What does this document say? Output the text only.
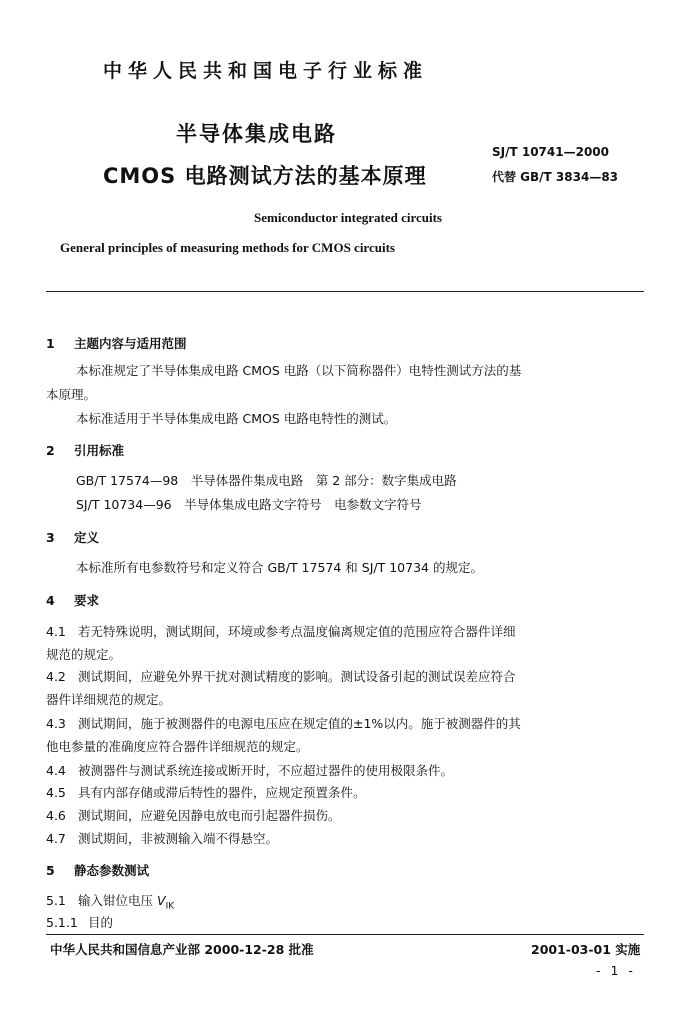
中华人民共和国电子行业标准
半导体集成电路
CMOS 电路测试方法的基本原理
SJ/T 10741—2000
代替 GB/T 3834—83
Semiconductor integrated circuits
General principles of measuring methods for CMOS circuits
1 主题内容与适用范围
本标准规定了半导体集成电路 CMOS 电路（以下简称器件）电特性测试方法的基
本原理。
本标准适用于半导体集成电路 CMOS 电路电特性的测试。
2 引用标准
GB/T 17574—98　半导体器件集成电路　第 2 部分：数字集成电路
SJ/T 10734—96　半导体集成电路文字符号　电参数文字符号
3 定义
本标准所有电参数符号和定义符合 GB/T 17574 和 SJ/T 10734 的规定。
4 要求
4.1 若无特殊说明，测试期间，环境或参考点温度偏离规定值的范围应符合器件详细
规范的规定。
4.2 测试期间，应避免外界干扰对测试精度的影响。测试设备引起的测试误差应符合
器件详细规范的规定。
4.3 测试期间，施于被测器件的电源电压应在规定值的±1%以内。施于被测器件的其
他电参量的准确度应符合器件详细规范的规定。
4.4 被测器件与测试系统连接或断开时，不应超过器件的使用极限条件。
4.5 具有内部存储或滞后特性的器件，应规定预置条件。
4.6 测试期间，应避免因静电放电而引起器件损伤。
4.7 测试期间，非被测输入端不得悬空。
5 静态参数测试
5.1 输入钳位电压 $V_{IK}$
5.1.1 目的
中华人民共和国信息产业部 2000-12-28 批准	2001-03-01 实施
- 1 -
